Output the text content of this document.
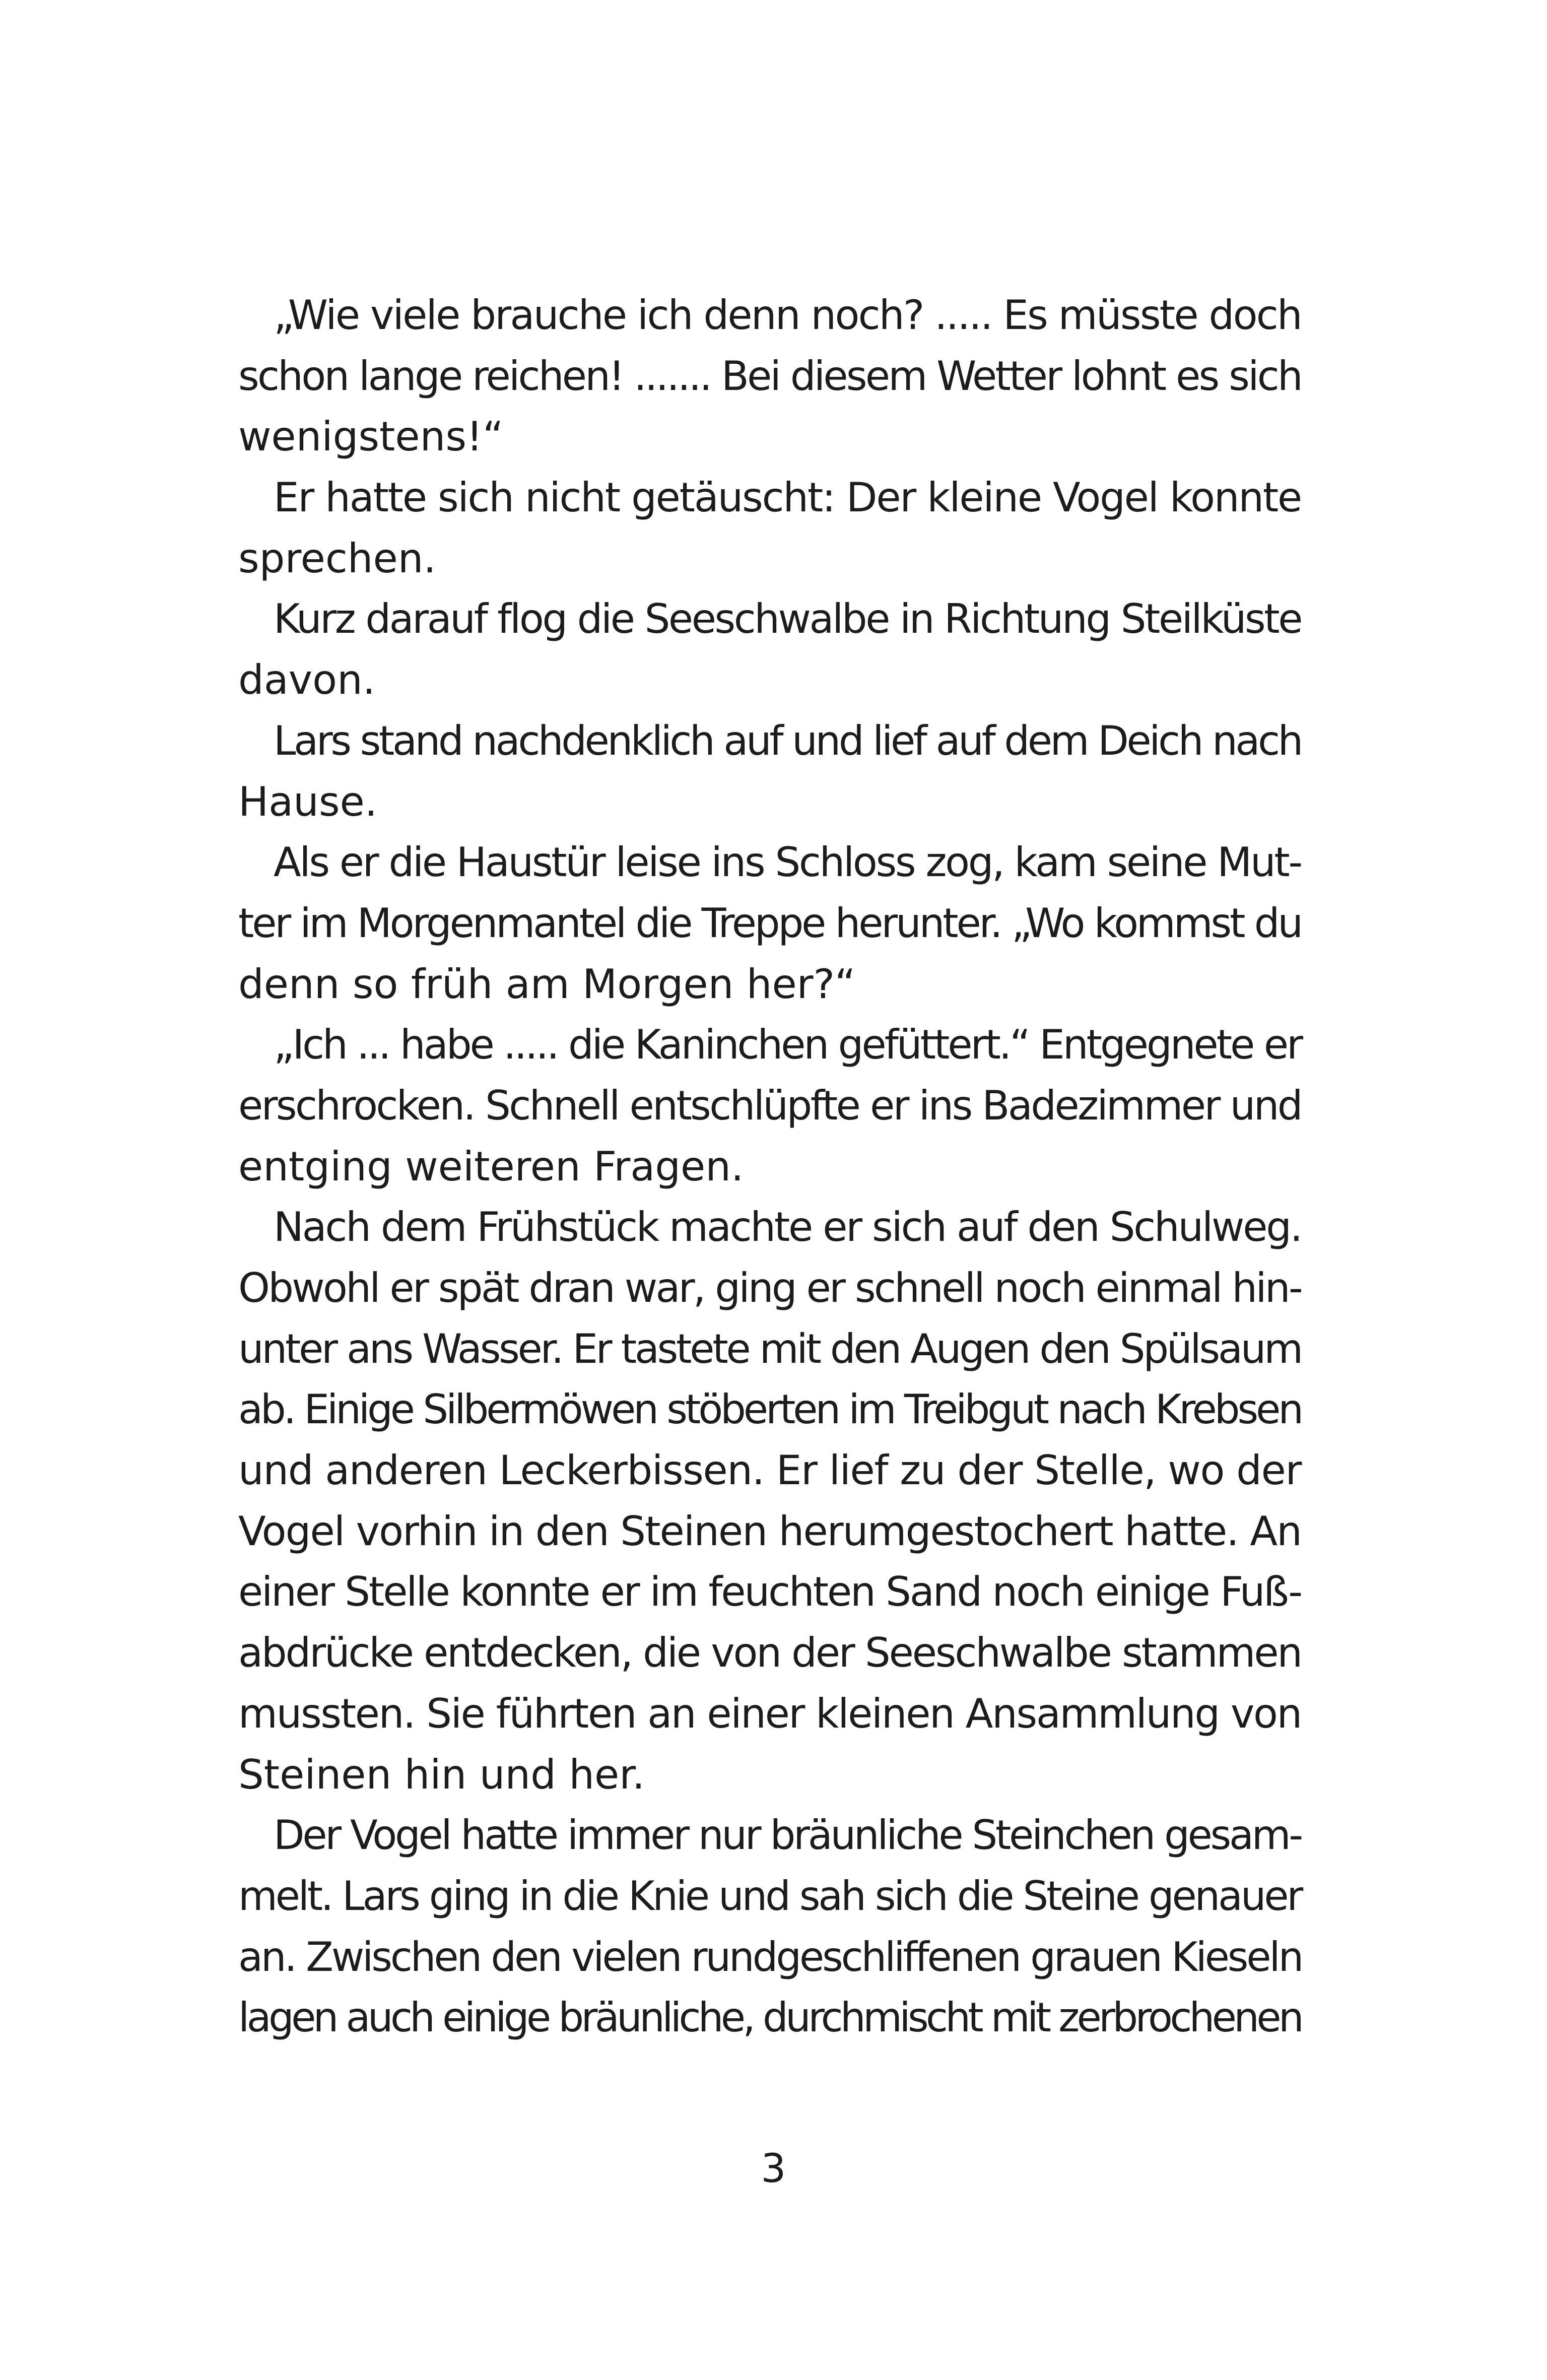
„Wie viele brauche ich denn noch? ..... Es müsste doch
schon lange reichen! ....... Bei diesem Wetter lohnt es sich
wenigstens!“
Er hatte sich nicht getäuscht: Der kleine Vogel konnte
sprechen.
Kurz darauf flog die Seeschwalbe in Richtung Steilküste
davon.
Lars stand nachdenklich auf und lief auf dem Deich nach
Hause.
Als er die Haustür leise ins Schloss zog, kam seine Mut-
ter im Morgenmantel die Treppe herunter. „Wo kommst du
denn so früh am Morgen her?“
„Ich ... habe ..... die Kaninchen gefüttert.“ Entgegnete er
erschrocken. Schnell entschlüpfte er ins Badezimmer und
entging weiteren Fragen.
Nach dem Frühstück machte er sich auf den Schulweg.
Obwohl er spät dran war, ging er schnell noch einmal hin-
unter ans Wasser. Er tastete mit den Augen den Spülsaum
ab. Einige Silbermöwen stöberten im Treibgut nach Krebsen
und anderen Leckerbissen. Er lief zu der Stelle, wo der
Vogel vorhin in den Steinen herumgestochert hatte. An
einer Stelle konnte er im feuchten Sand noch einige Fuß-
abdrücke entdecken, die von der Seeschwalbe stammen
mussten. Sie führten an einer kleinen Ansammlung von
Steinen hin und her.
Der Vogel hatte immer nur bräunliche Steinchen gesam-
melt. Lars ging in die Knie und sah sich die Steine genauer
an. Zwischen den vielen rundgeschliffenen grauen Kieseln
lagen auch einige bräunliche, durchmischt mit zerbrochenen
3
